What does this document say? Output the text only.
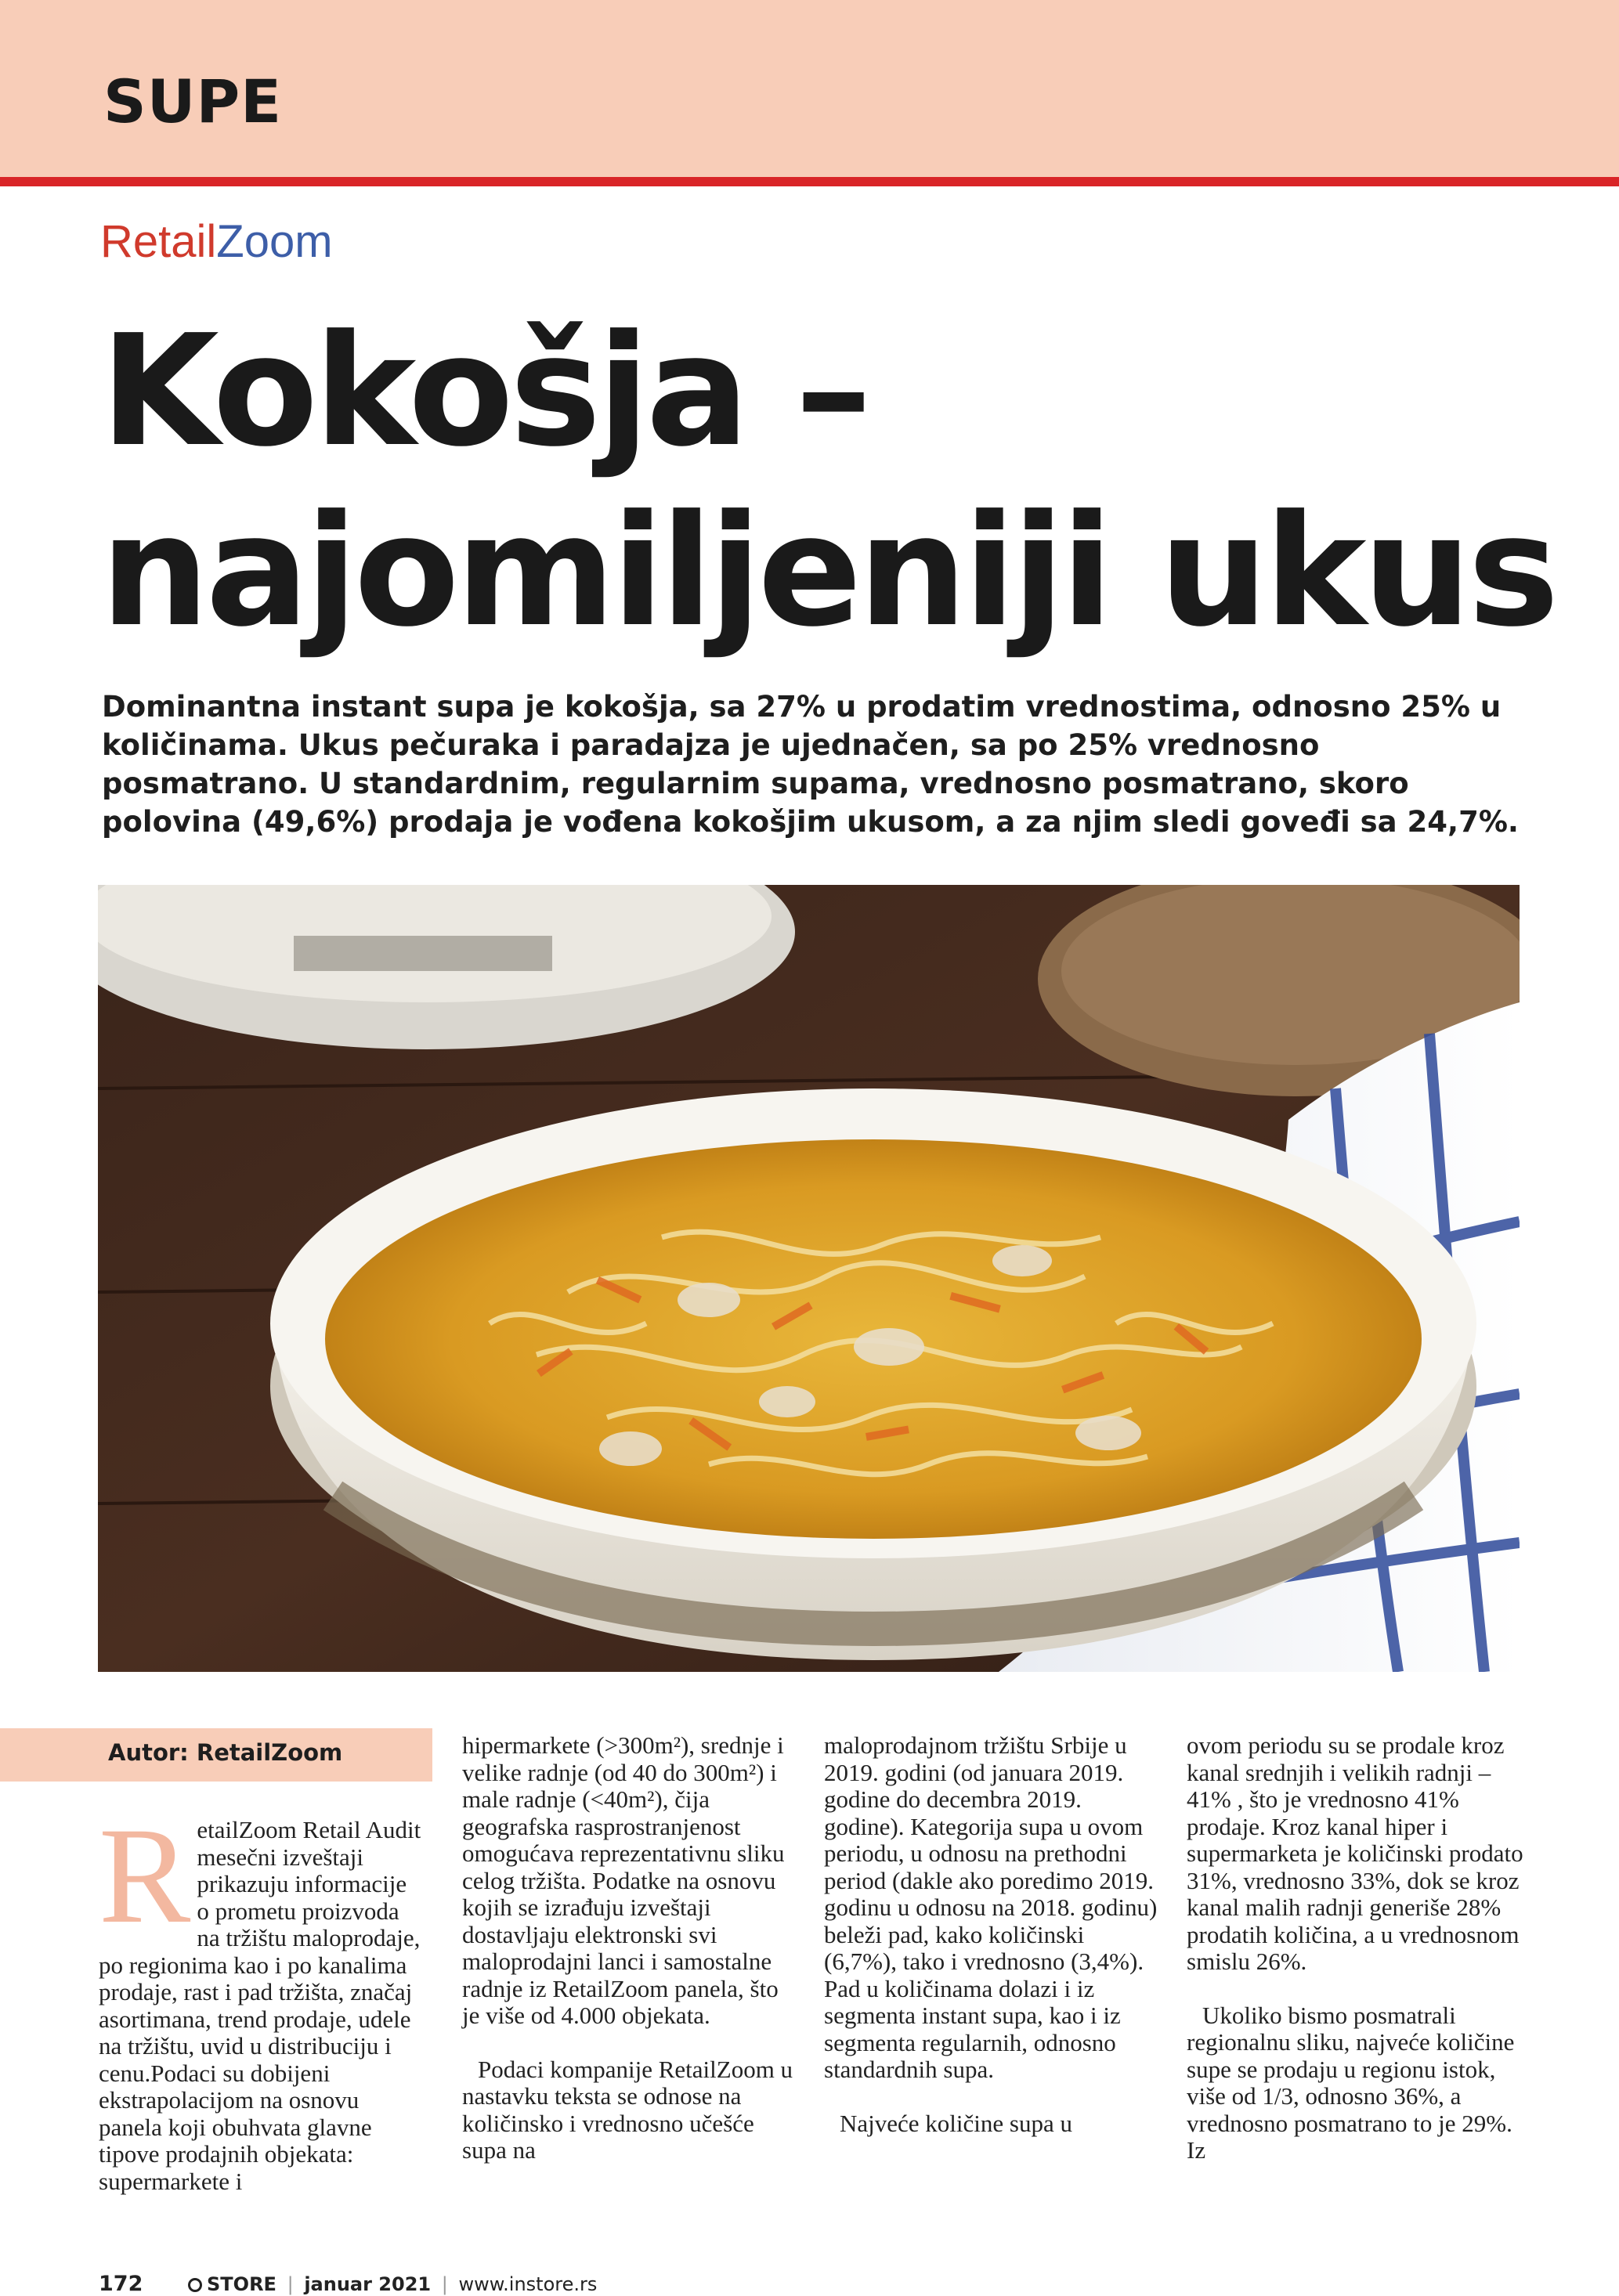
SUPE
RetailZoom
Kokošja –
najomiljeniji ukus
Dominantna instant supa je kokošja, sa 27% u prodatim vrednostima, odnosno 25% u količinama. Ukus pečuraka i paradajza je ujednačen, sa po 25% vrednosno posmatrano. U standardnim, regularnim supama, vrednosno posmatrano, skoro polovina (49,6%) prodaja je vođena kokošjim ukusom, a za njim sledi goveđi sa 24,7%.
Autor: RetailZoom
RetailZoom Retail Audit mesečni izveštaji prikazuju informacije o prometu proizvoda na tržištu maloprodaje, po regionima kao i po kanalima prodaje, rast i pad tržišta, značaj asortimana, trend prodaje, udele na tržištu, uvid u distribuciju i cenu.Podaci su dobijeni ekstrapolacijom na osnovu panela koji obuhvata glavne tipove prodajnih objekata: supermarkete i

hipermarkete (>300m²), srednje i velike radnje (od 40 do 300m²) i male radnje (<40m²), čija geografska rasprostranjenost omogućava reprezentativnu sliku celog tržišta. Podatke na osnovu kojih se izrađuju izveštaji dostavljaju elektronski svi maloprodajni lanci i samostalne radnje iz RetailZoom panela, što je više od 4.000 objekata.

Podaci kompanije RetailZoom u nastavku teksta se odnose na količinsko i vrednosno učešće supa na

maloprodajnom tržištu Srbije u 2019. godini (od januara 2019. godine do decembra 2019. godine). Kategorija supa u ovom periodu, u odnosu na prethodni period (dakle ako poredimo 2019. godinu u odnosu na 2018. godinu) beleži pad, kako količinski (6,7%), tako i vrednosno (3,4%). Pad u količinama dolazi i iz segmenta instant supa, kao i iz segmenta regularnih, odnosno standardnih supa.

Najveće količine supa u

ovom periodu su se prodale kroz kanal srednjih i velikih radnji – 41% , što je vrednosno 41% prodaje. Kroz kanal hiper i supermarketa je količinski prodato 31%, vrednosno 33%, dok se kroz kanal malih radnji generiše 28% prodatih količina, a u vrednosnom smislu 26%.

Ukoliko bismo posmatrali regionalnu sliku, najveće količine supe se prodaju u regionu istok, više od 1/3, odnosno 36%, a vrednosno posmatrano to je 29%. Iz

172	STORE | januar 2021 | www.instore.rs
